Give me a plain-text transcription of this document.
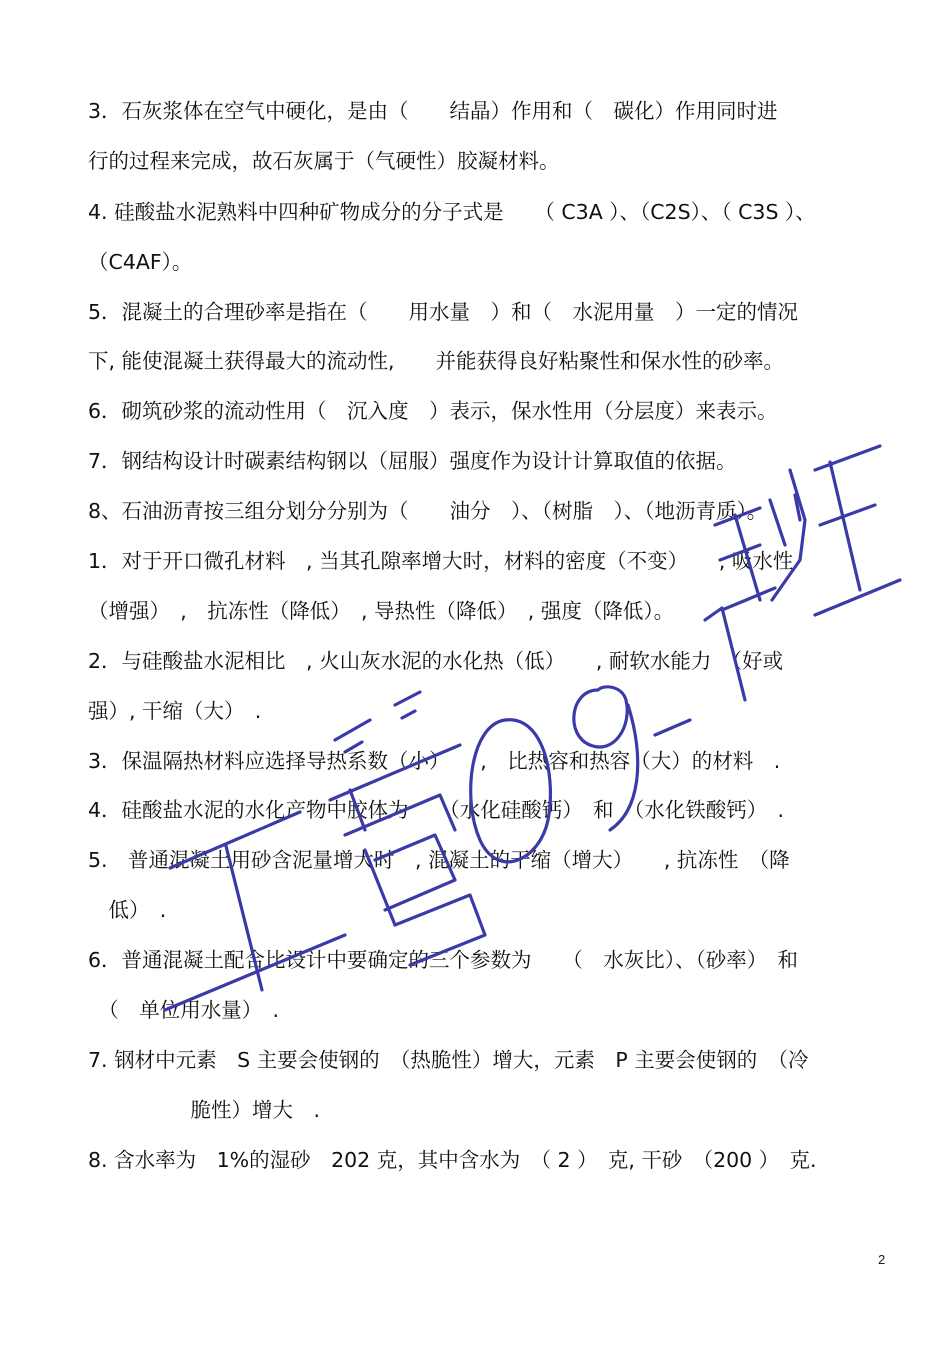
3．石灰浆体在空气中硬化，是由（　　结晶）作用和（　碳化）作用同时进
行的过程来完成，故石灰属于（气硬性）胶凝材料。
4. 硅酸盐水泥熟料中四种矿物成分的分子式是　　（ C3A ）、（C2S）、（ C3S ）、
（C4AF）。
5．混凝土的合理砂率是指在（　　用水量　）和（　水泥用量　）一定的情况
下, 能使混凝土获得最大的流动性,　　并能获得良好粘聚性和保水性的砂率。
6．砌筑砂浆的流动性用（　沉入度　）表示，保水性用（分层度）来表示。
7．钢结构设计时碳素结构钢以（屈服）强度作为设计计算取值的依据。
8、石油沥青按三组分划分分别为（　　油分　）、（树脂　）、（地沥青质）。
1．对于开口微孔材料　, 当其孔隙率增大时，材料的密度（不变）　　, 吸水性
（增强）　,　抗冻性（降低）　, 导热性（降低）　, 强度（降低）。
2．与硅酸盐水泥相比　, 火山灰水泥的水化热（低）　　, 耐软水能力　（好或
强）, 干缩（大）　.
3．保温隔热材料应选择导热系数（小）　　,　比热容和热容（大）的材料　.
4．硅酸盐水泥的水化产物中胶体为　　（水化硅酸钙）　和　（水化铁酸钙）　.
5.　普通混凝土用砂含泥量增大时　, 混凝土的干缩（增大）　　, 抗冻性　（降
　低）　.
6．普通混凝土配合比设计中要确定的三个参数为　　（　水灰比）、（砂率）　和
　（　单位用水量）　.
7. 钢材中元素　S 主要会使钢的　（热脆性）增大，元素　P 主要会使钢的　（冷
　　　　　脆性）增大　.
8. 含水率为　1%的湿砂　202 克，其中含水为　（ 2 ）　克, 干砂　（200 ）　克.
2
